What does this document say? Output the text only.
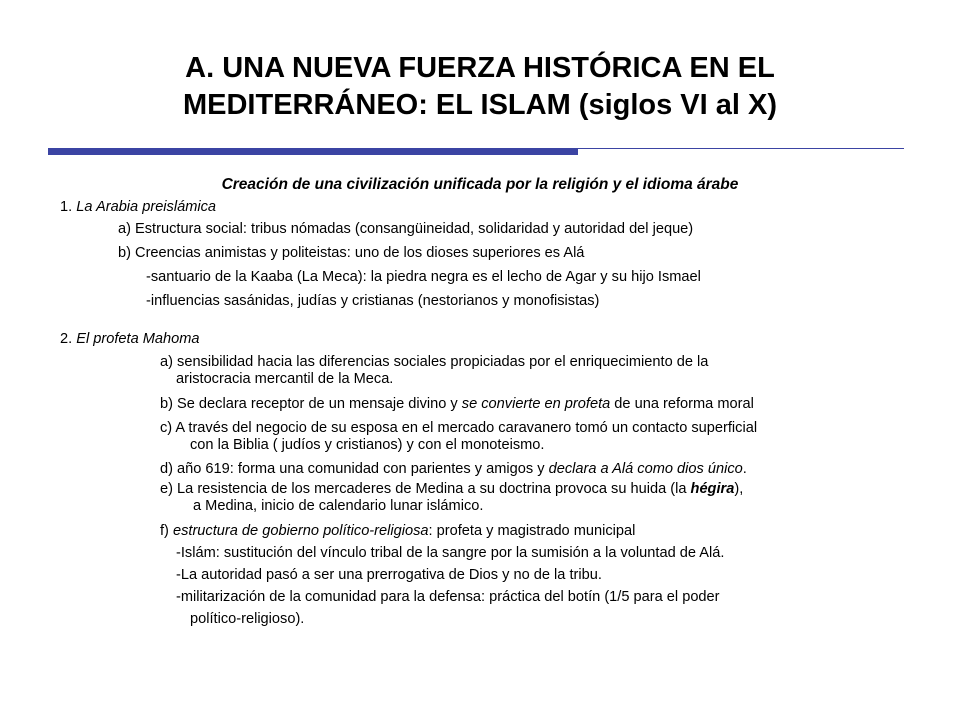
A. UNA NUEVA FUERZA HISTÓRICA EN EL
MEDITERRÁNEO: EL ISLAM (siglos VI al X)
Creación de una civilización unificada por la religión y el idioma árabe
1. La Arabia preislámica
a) Estructura social: tribus nómadas (consangüineidad, solidaridad y autoridad del jeque)
b) Creencias animistas y politeistas: uno de los dioses superiores es Alá
-santuario de la Kaaba (La Meca): la piedra negra es el lecho de Agar y su hijo Ismael
-influencias sasánidas, judías y cristianas (nestorianos y monofisistas)
2. El profeta Mahoma
a) sensibilidad hacia las diferencias sociales propiciadas por el enriquecimiento de la
aristocracia mercantil de la Meca.
b) Se declara receptor de un mensaje divino y se convierte en profeta de una reforma moral
c) A través del negocio de su esposa en el mercado caravanero tomó un contacto superficial
con la Biblia ( judíos y cristianos) y con el monoteismo.
d) año 619: forma una comunidad con parientes y amigos y declara a Alá como dios único.
e) La resistencia de los mercaderes de Medina a su doctrina provoca su huida (la hégira),
a Medina, inicio de calendario lunar islámico.
f) estructura de gobierno político-religiosa: profeta y magistrado municipal
-Islám: sustitución del vínculo tribal de la sangre por la sumisión a la voluntad de Alá.
-La autoridad pasó a ser una prerrogativa de Dios y no de la tribu.
-militarización de la comunidad para la defensa: práctica del botín (1/5 para el poder
político-religioso).
